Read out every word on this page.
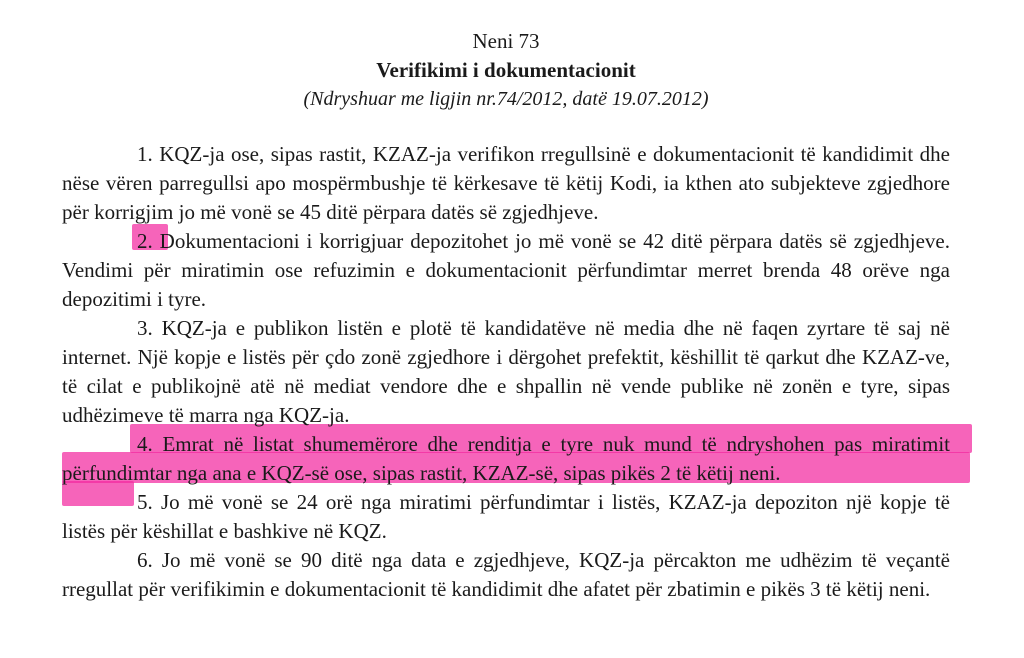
Neni 73

Verifikimi i dokumentacionit

(Ndryshuar me ligjin nr.74/2012, datë 19.07.2012)

1. KQZ-ja ose, sipas rastit, KZAZ-ja verifikon rregullsinë e dokumentacionit të kandidimit dhe nëse vëren parregullsi apo mospërmbushje të kërkesave të këtij Kodi, ia kthen ato subjekteve zgjedhore për korrigjim jo më vonë se 45 ditë përpara datës së zgjedhjeve.

2. Dokumentacioni i korrigjuar depozitohet jo më vonë se 42 ditë përpara datës së zgjedhjeve. Vendimi për miratimin ose refuzimin e dokumentacionit përfundimtar merret brenda 48 orëve nga depozitimi i tyre.

3. KQZ-ja e publikon listën e plotë të kandidatëve në media dhe në faqen zyrtare të saj në internet. Një kopje e listës për çdo zonë zgjedhore i dërgohet prefektit, këshillit të qarkut dhe KZAZ-ve, të cilat e publikojnë atë në mediat vendore dhe e shpallin në vende publike në zonën e tyre, sipas udhëzimeve të marra nga KQZ-ja.

4. Emrat në listat shumemërore dhe renditja e tyre nuk mund të ndryshohen pas miratimit përfundimtar nga ana e KQZ-së ose, sipas rastit, KZAZ-së, sipas pikës 2 të këtij neni.

5. Jo më vonë se 24 orë nga miratimi përfundimtar i listës, KZAZ-ja depoziton një kopje të listës për këshillat e bashkive në KQZ.

6. Jo më vonë se 90 ditë nga data e zgjedhjeve, KQZ-ja përcakton me udhëzim të veçantë rregullat për verifikimin e dokumentacionit të kandidimit dhe afatet për zbatimin e pikës 3 të këtij neni.
